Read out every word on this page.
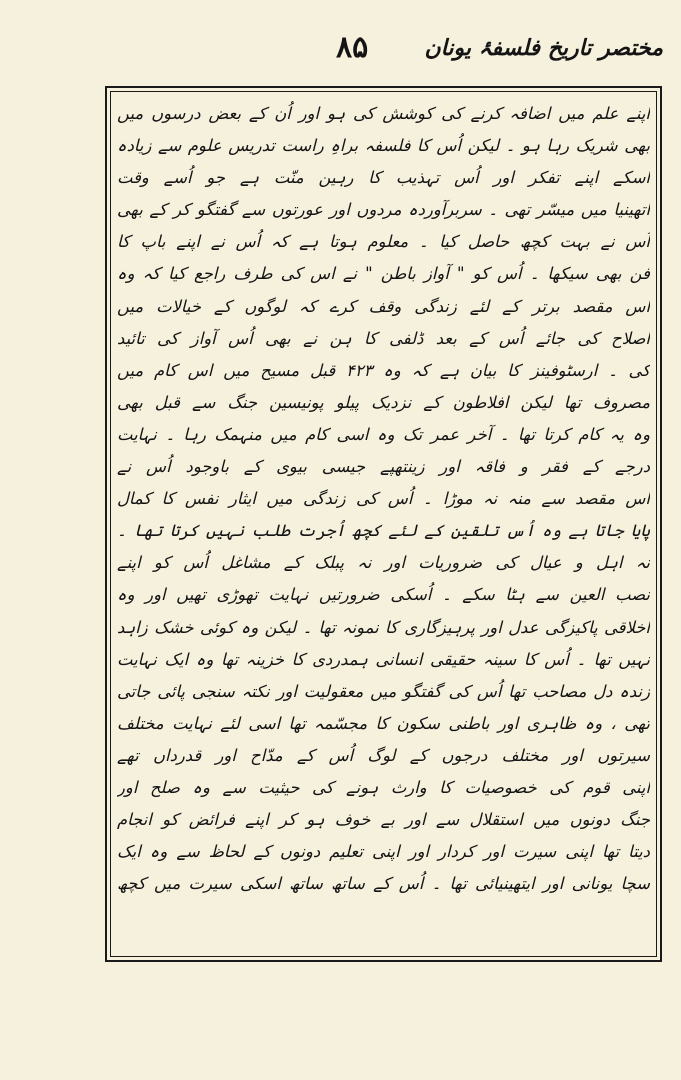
۸۵	مختصر تاریخ فلسفۂ یونان
اپنے علم میں اضافہ کرنے کی کوشش کی ہو اور اُن کے بعض درسوں میں
بھی شریک رہا ہو ۔ لیکن اُس کا فلسفہ براہِ راست تدریس علوم سے زیادہ
اسکے اپنے تفکر اور اُس تہذیب کا رہین منّت ہے جو اُسے وقت
اتھینیا میں میسّر تھی ۔ سربرآوردہ مردوں اور عورتوں سے گفتگو کر کے بھی
اُس نے بہت کچھ حاصل کیا ۔ معلوم ہوتا ہے کہ اُس نے اپنے باپ کا
فن بھی سیکھا ۔ اُس کو " آواز باطن " نے اس کی طرف راجع کیا کہ وہ
اس مقصد برتر کے لئے زندگی وقف کرے کہ لوگوں کے خیالات میں
اصلاح کی جائے اُس کے بعد ڈلفی کا ہن نے بھی اُس آواز کی تائید
کی ۔ ارسٹوفینز کا بیان ہے کہ وہ ۴۲۳ قبل مسیح میں اس کام میں
مصروف تھا لیکن افلاطون کے نزدیک پیلو پونیسین جنگ سے قبل بھی
وہ یہ کام کرتا تھا ۔ آخر عمر تک وہ اسی کام میں منہمک رہا ۔ نہایت
درجے کے فقر و فاقہ اور زینتھپے جیسی بیوی کے باوجود اُس نے
اس مقصد سے منہ نہ موڑا ۔ اُس کی زندگی میں ایثار نفس کا کمال
پایا جاتا ہے وہ اُس تلقین کے لئے کچھ اُجرت طلب نہیں کرتا تھا ۔
نہ اہل و عیال کی ضروریات اور نہ پبلک کے مشاغل اُس کو اپنے
نصب العین سے ہٹا سکے ۔ اُسکی ضرورتیں نہایت تھوڑی تھیں اور وہ
اخلاقی پاکیزگی عدل اور پرہیزگاری کا نمونہ تھا ۔ لیکن وہ کوئی خشک زاہد
نہیں تھا ۔ اُس کا سینہ حقیقی انسانی ہمدردی کا خزینہ تھا وہ ایک نہایت
زندہ دل مصاحب تھا اُس کی گفتگو میں معقولیت اور نکتہ سنجی پائی جاتی
تھی ، وہ ظاہری اور باطنی سکون کا مجسّمہ تھا اسی لئے نہایت مختلف
سیرتوں اور مختلف درجوں کے لوگ اُس کے مدّاح اور قدرداں تھے
اپنی قوم کی خصوصیات کا وارث ہونے کی حیثیت سے وہ صلح اور
جنگ دونوں میں استقلال سے اور بے خوف ہو کر اپنے فرائض کو انجام
دیتا تھا اپنی سیرت اور کردار اور اپنی تعلیم دونوں کے لحاظ سے وہ ایک
سچا یونانی اور ایتھینیائی تھا ۔ اُس کے ساتھ ساتھ اسکی سیرت میں کچھ
